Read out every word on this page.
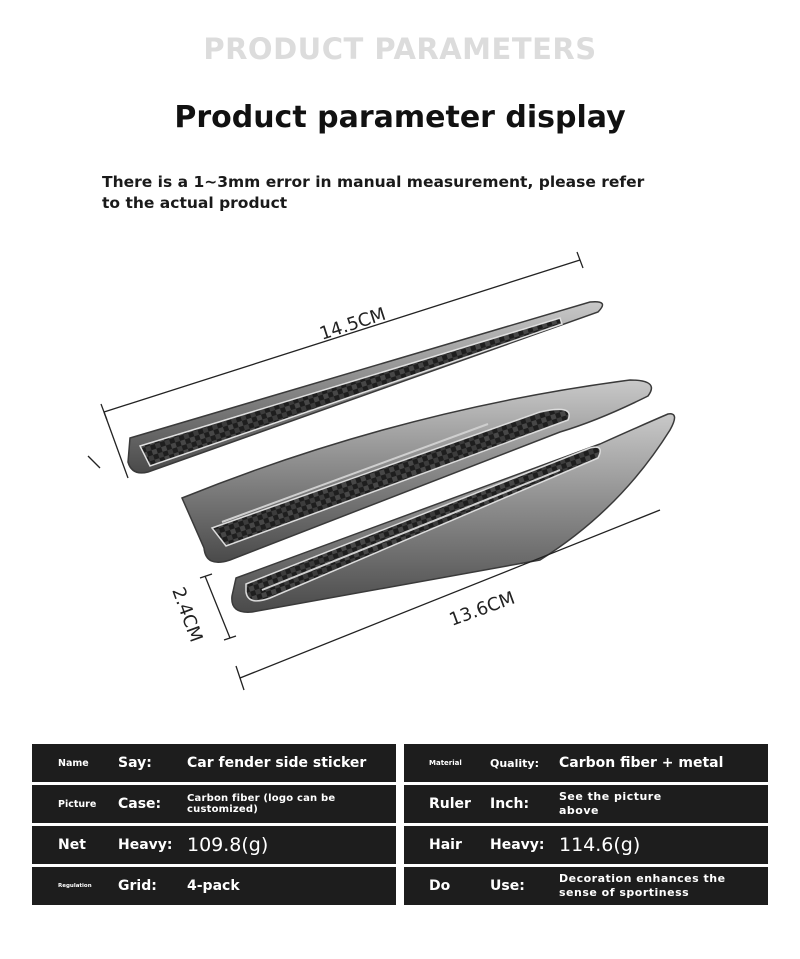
PRODUCT PARAMETERS
Product parameter display
There is a 1~3mm error in manual measurement, please refer to the actual product
14.5CM
2.4CM	13.6CM
Name	Say:	Car fender side sticker	Material	Quality:	Carbon fiber + metal
Picture	Case:	Carbon fiber (logo can be customized)	Ruler	Inch:	See the picture above
Net	Heavy: 109.8(g)	Hair	Heavy: 114.6(g)
Regulation	Grid:	4-pack	Do	Use:	Decoration enhances the sense of sportiness
